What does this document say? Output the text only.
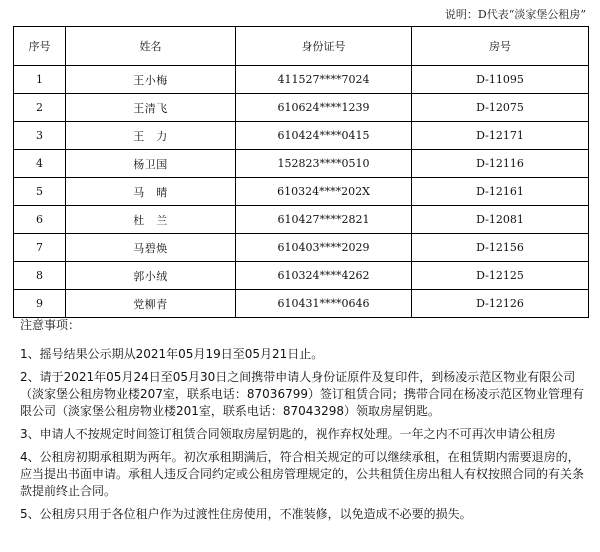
说明：D代表“淡家堡公租房”
序号	姓名	身份证号	房号
1	王小梅	411527****7024	D-11095
2	王清飞	610624****1239	D-12075
3	王　力	610424****0415	D-12171
4	杨卫国	152823****0510	D-12116
5	马　晴	610324****202X	D-12161
6	杜　兰	610427****2821	D-12081
7	马碧焕	610403****2029	D-12156
8	郭小绒	610324****4262	D-12125
9	党柳青	610431****0646	D-12126
注意事项：

1、摇号结果公示期从2021年05月19日至05月21日止。

2、请于2021年05月24日至05月30日之间携带申请人身份证原件及复印件，到杨凌示范区物业有限公司（淡家堡公租房物业楼207室，联系电话：87036799）签订租赁合同；携带合同在杨凌示范区物业管理有限公司（淡家堡公租房物业楼201室，联系电话：87043298）领取房屋钥匙。

3、申请人不按规定时间签订租赁合同领取房屋钥匙的，视作弃权处理。一年之内不可再次申请公租房

4、公租房初期承租期为两年。初次承租期满后，符合相关规定的可以继续承租，在租赁期内需要退房的，应当提出书面申请。承租人违反合同约定或公租房管理规定的，公共租赁住房出租人有权按照合同的有关条款提前终止合同。

5、公租房只用于各位租户作为过渡性住房使用，不准装修，以免造成不必要的损失。
